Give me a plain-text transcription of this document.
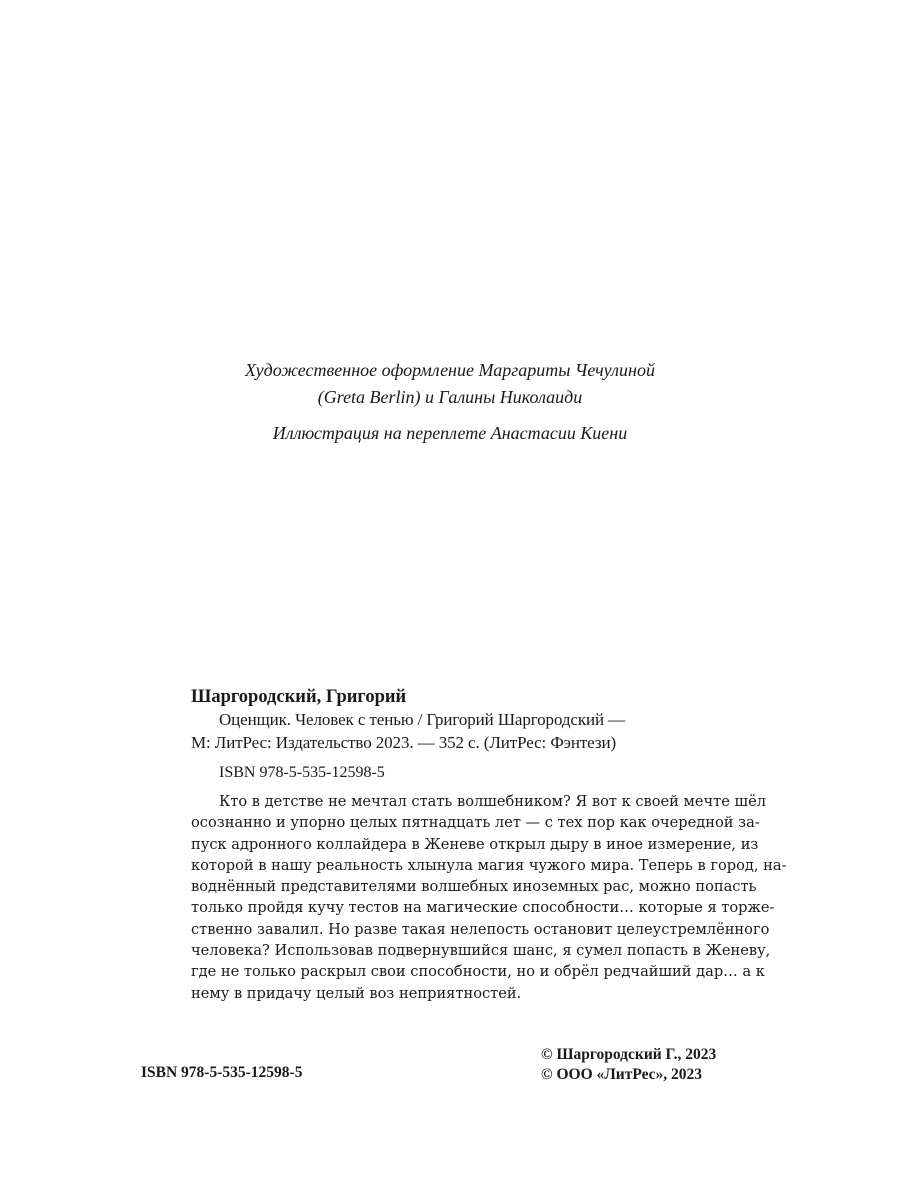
Художественное оформление Маргариты Чечулиной
(Greta Berlin) и Галины Николаиди
Иллюстрация на переплете Анастасии Киени

Шаргородский, Григорий

Оценщик. Человек с тенью / Григорий Шаргородский —

М: ЛитРес: Издательство 2023. — 352 с. (ЛитРес: Фэнтези)

ISBN 978-5-535-12598-5

Кто в детстве не мечтал стать волшебником? Я вот к своей мечте шёл
осознанно и упорно целых пятнадцать лет — с тех пор как очередной за-
пуск адронного коллайдера в Женеве открыл дыру в иное измерение, из
которой в нашу реальность хлынула магия чужого мира. Теперь в город, на-
воднённый представителями волшебных иноземных рас, можно попасть
только пройдя кучу тестов на магические способности… которые я торже-
ственно завалил. Но разве такая нелепость остановит целеустремлённого
человека? Использовав подвернувшийся шанс, я сумел попасть в Женеву,
где не только раскрыл свои способности, но и обрёл редчайший дар… а к
нему в придачу целый воз неприятностей.
ISBN 978-5-535-12598-5
© Шаргородский Г., 2023
© ООО «ЛитРес», 2023
